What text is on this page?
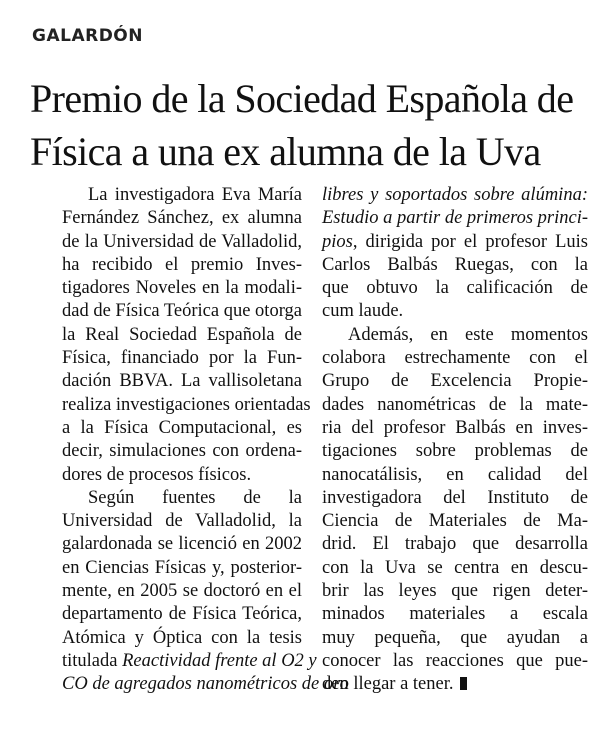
GALARDÓN
Premio de la Sociedad Española de
Física a una ex alumna de la Uva
La investigadora Eva María
Fernández Sánchez, ex alumna
de la Universidad de Valladolid,
ha recibido el premio Inves-
tigadores Noveles en la modali-
dad de Física Teórica que otorga
la Real Sociedad Española de
Física, financiado por la Fun-
dación BBVA. La vallisoletana
realiza investigaciones orientadas
a la Física Computacional, es
decir, simulaciones con ordena-
dores de procesos físicos.
Según fuentes de la
Universidad de Valladolid, la
galardonada se licenció en 2002
en Ciencias Físicas y, posterior-
mente, en 2005 se doctoró en el
departamento de Física Teórica,
Atómica y Óptica con la tesis
titulada Reactividad frente al O2 y
CO de agregados nanométricos de oro
libres y soportados sobre alúmina:
Estudio a partir de primeros princi-
pios, dirigida por el profesor Luis
Carlos Balbás Ruegas, con la
que obtuvo la calificación de
cum laude.
Además, en este momentos
colabora estrechamente con el
Grupo de Excelencia Propie-
dades nanométricas de la mate-
ria del profesor Balbás en inves-
tigaciones sobre problemas de
nanocatálisis, en calidad del
investigadora del Instituto de
Ciencia de Materiales de Ma-
drid. El trabajo que desarrolla
con la Uva se centra en descu-
brir las leyes que rigen deter-
minados materiales a escala
muy pequeña, que ayudan a
conocer las reacciones que pue-
den llegar a tener.
